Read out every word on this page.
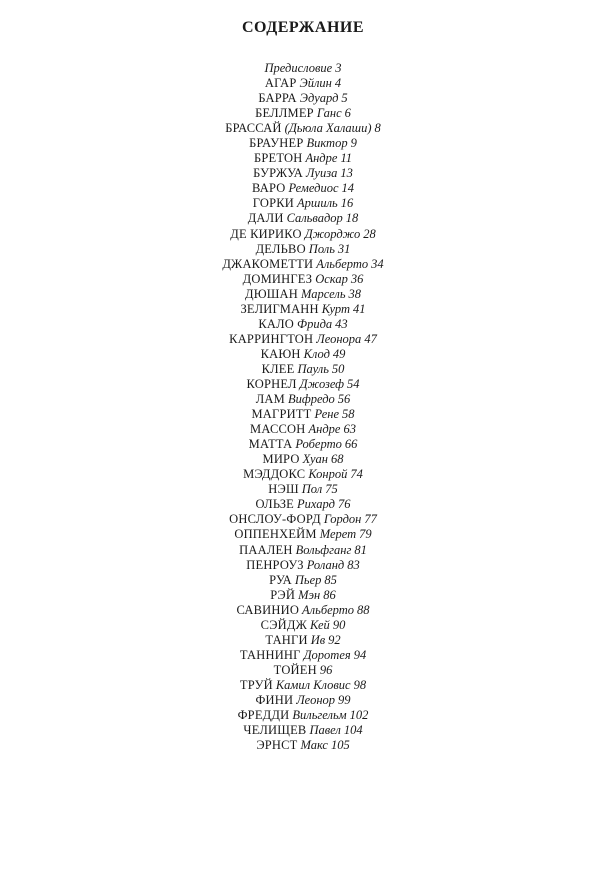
СОДЕРЖАНИЕ
Предисловие 3
АГАР Эйлин 4
БАРРА Эдуард 5
БЕЛЛМЕР Ганс 6
БРАССАЙ (Дьюла Халаши) 8
БРАУНЕР Виктор 9
БРЕТОН Андре 11
БУРЖУА Луиза 13
ВАРО Ремедиос 14
ГОРКИ Аршиль 16
ДАЛИ Сальвадор 18
ДЕ КИРИКО Джорджо 28
ДЕЛЬВО Поль 31
ДЖАКОМЕТТИ Альберто 34
ДОМИНГЕЗ Оскар 36
ДЮШАН Марсель 38
ЗЕЛИГМАНН Курт 41
КАЛО Фрида 43
КАРРИНГТОН Леонора 47
КАЮН Клод 49
КЛЕЕ Пауль 50
КОРНЕЛ Джозеф 54
ЛАМ Вифредо 56
МАГРИТТ Рене 58
МАССОН Андре 63
МАТТА Роберто 66
МИРО Хуан 68
МЭДДОКС Конрой 74
НЭШ Пол 75
ОЛЬЗЕ Рихард 76
ОНСЛОУ-ФОРД Гордон 77
ОППЕНХЕЙМ Мерет 79
ПААЛЕН Вольфганг 81
ПЕНРОУЗ Роланд 83
РУА Пьер 85
РЭЙ Мэн 86
САВИНИО Альберто 88
СЭЙДЖ Кей 90
ТАНГИ Ив 92
ТАННИНГ Доротея 94
ТОЙЕН 96
ТРУЙ Камил Кловис 98
ФИНИ Леонор 99
ФРЕДДИ Вильгельм 102
ЧЕЛИЩЕВ Павел 104
ЭРНСТ Макс 105
